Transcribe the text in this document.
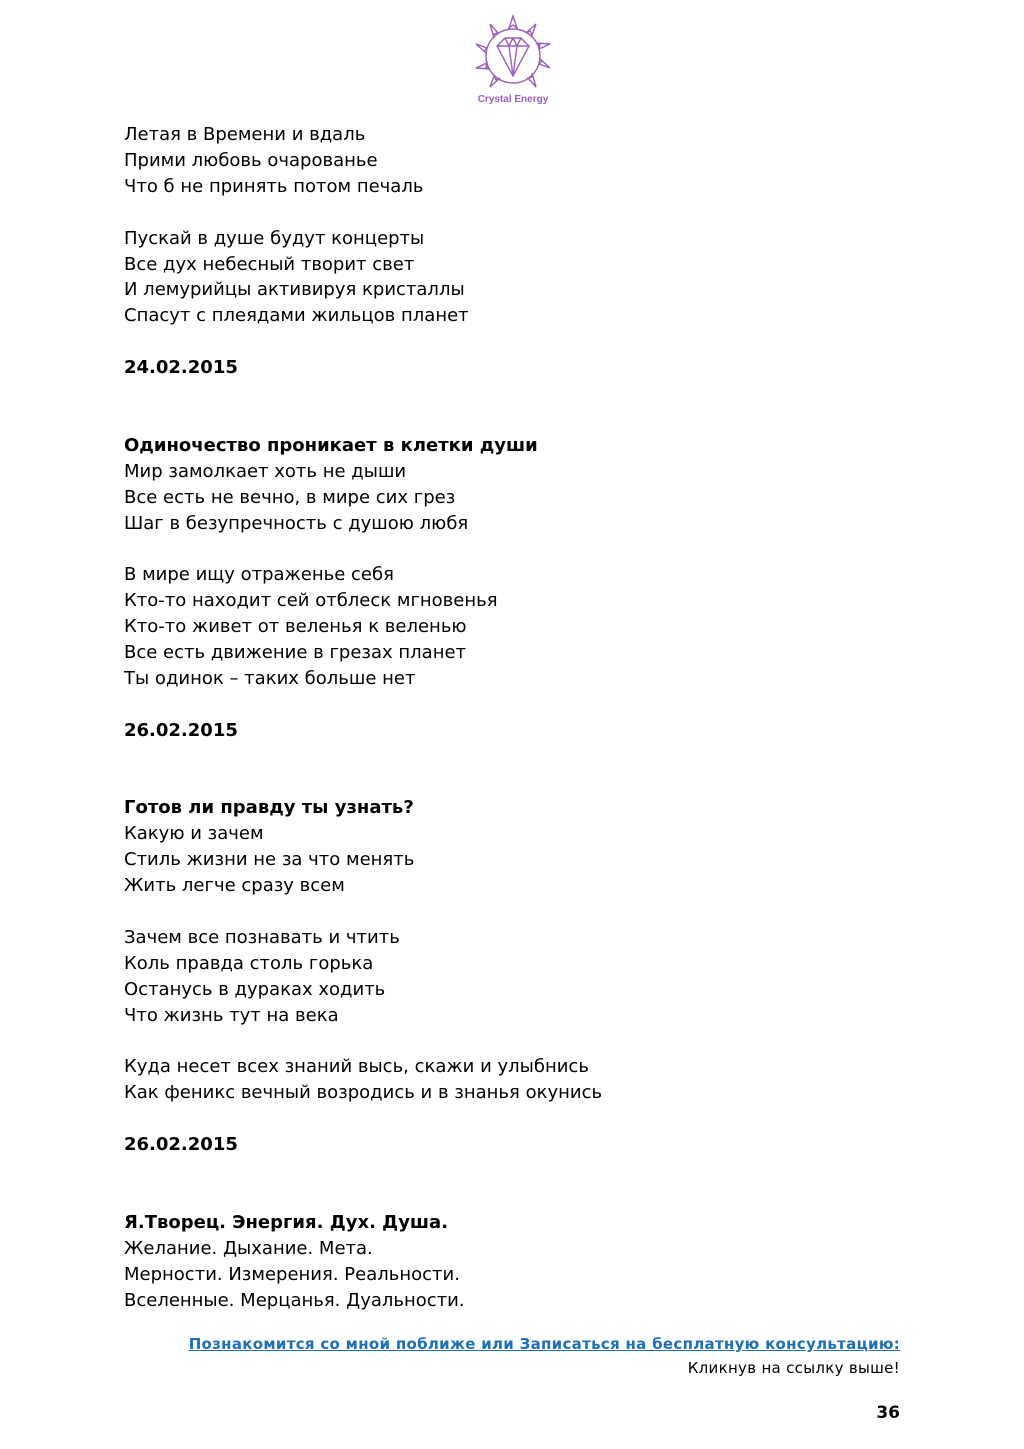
Crystal Energy
Летая в Времени и вдаль
Прими любовь очарованье
Что б не принять потом печаль
Пускай в душе будут концерты
Все дух небесный творит свет
И лемурийцы активируя кристаллы
Спасут с плеядами жильцов планет
24.02.2015
Одиночество проникает в клетки души
Мир замолкает хоть не дыши
Все есть не вечно, в мире сих грез
Шаг в безупречность с душою любя
В мире ищу отраженье себя
Кто-то находит сей отблеск мгновенья
Кто-то живет от веленья к веленью
Все есть движение в грезах планет
Ты одинок – таких больше нет
26.02.2015
Готов ли правду ты узнать?
Какую и зачем
Стиль жизни не за что менять
Жить легче сразу всем
Зачем все познавать и чтить
Коль правда столь горька
Останусь в дураках ходить
Что жизнь тут на века
Куда несет всех знаний высь, скажи и улыбнись
Как феникс вечный возродись и в знанья окунись
26.02.2015
Я.Творец. Энергия. Дух. Душа.
Желание. Дыхание. Мета.
Мерности. Измерения. Реальности.
Вселенные. Мерцанья. Дуальности.
Познакомится со мной поближе или Записаться на бесплатную консультацию:
Кликнув на ссылку выше!
36
